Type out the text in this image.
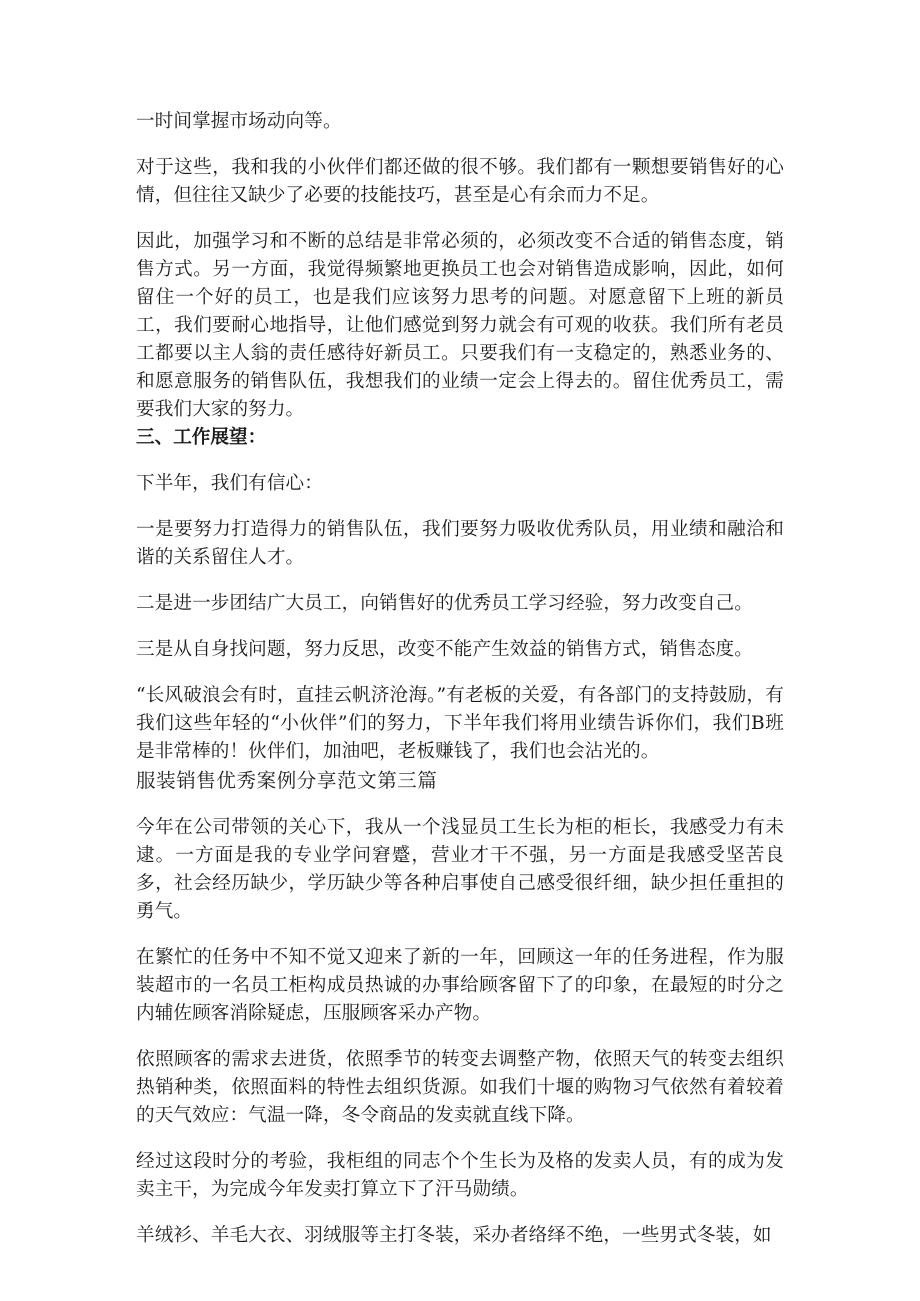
一时间掌握市场动向等。

对于这些，我和我的小伙伴们都还做的很不够。我们都有一颗想要销售好的心情，但往往又缺少了必要的技能技巧，甚至是心有余而力不足。

因此，加强学习和不断的总结是非常必须的，必须改变不合适的销售态度，销售方式。另一方面，我觉得频繁地更换员工也会对销售造成影响，因此，如何留住一个好的员工，也是我们应该努力思考的问题。对愿意留下上班的新员工，我们要耐心地指导，让他们感觉到努力就会有可观的收获。我们所有老员工都要以主人翁的责任感待好新员工。只要我们有一支稳定的，熟悉业务的、和愿意服务的销售队伍，我想我们的业绩一定会上得去的。留住优秀员工，需要我们大家的努力。

三、工作展望：

下半年，我们有信心：

一是要努力打造得力的销售队伍，我们要努力吸收优秀队员，用业绩和融洽和谐的关系留住人才。

二是进一步团结广大员工，向销售好的优秀员工学习经验，努力改变自己。

三是从自身找问题，努力反思，改变不能产生效益的销售方式，销售态度。

“长风破浪会有时，直挂云帆济沧海。”有老板的关爱，有各部门的支持鼓励，有我们这些年轻的“小伙伴”们的努力，下半年我们将用业绩告诉你们，我们B班是非常棒的！伙伴们，加油吧，老板赚钱了，我们也会沾光的。

服装销售优秀案例分享范文第三篇

今年在公司带领的关心下，我从一个浅显员工生长为柜的柜长，我感受力有未逮。一方面是我的专业学问窘蹙，营业才干不强，另一方面是我感受坚苦良多，社会经历缺少，学历缺少等各种启事使自己感受很纤细，缺少担任重担的勇气。

在繁忙的任务中不知不觉又迎来了新的一年，回顾这一年的任务进程，作为服装超市的一名员工柜构成员热诚的办事给顾客留下了的印象，在最短的时分之内辅佐顾客消除疑虑，压服顾客采办产物。

依照顾客的需求去进货，依照季节的转变去调整产物，依照天气的转变去组织热销种类，依照面料的特性去组织货源。如我们十堰的购物习气依然有着较着的天气效应：气温一降，冬令商品的发卖就直线下降。

经过这段时分的考验，我柜组的同志个个生长为及格的发卖人员，有的成为发卖主干，为完成今年发卖打算立下了汗马勋绩。

羊绒衫、羊毛大衣、羽绒服等主打冬装，采办者络绎不绝，一些男式冬装，如
